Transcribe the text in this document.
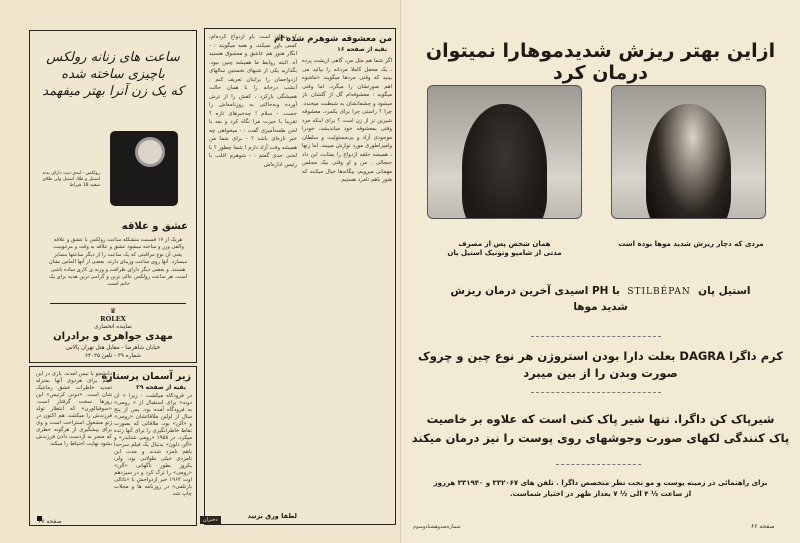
ساعت های زنانه رولکس
باچیزی ساخته شده
که یک زن آنرا بهتر میفهمد
رولکس - لیدی دیت دارای بدنه استیل و طلا، استیل ولی طلای سفید 18 قیراط
عشق و علاقه
هریک از ۱۷ قسمت متشکله ساعت رولکس با عشق و علاقه والفی ورز و ساخته میشود عشق و علاقه به وقت و مرغوبیت. یعنی آن نوع مراقبتی که یک ساعت را از دیگر ساعتها متمایز میسازد. آنها روی ساعت وزیبای دارند. بعضی از آنها الماس نشان هستند. و بعضی دیگر دارای ظرافت و وزنه ی کاری ساده باشی است. هر ساعت رولکس عالی ترین و گرامی ترین هدیه برای یک خانم است.
♛
ROLEX
نماینده انحصاری
مهدی جواهری و برادران
خیابان شاهرضا - مقابل هتل تهران پالاس
شماره ۳۹ - تلفن ۶۴۰۲۵
زیر آسمان پرستاره
بقیه از صفحه ۲۹
در فرودگاه میگشت : زیرا « آن دونه» برای استقبال از « رومی» به فرودگاه آمده بود. پس از پنج سال از اولین ملاقاتشان «رومی» و «آلن» بود، ملاقاتی که بصورت نقاط خاطرانگیزی را برای آنها زنده میکرد. در ۱۹۵۸ «رومی شنایدر» و «آلن دلون» بدنبال یک فیلم سرحدا باهم نامزد شدند و مدت این نامزدی خیلی طولانی بود، ولی یکروز بطور ناگهانی «آلن» «رومی» را ترک کرد و در سیزدهم اوت ۱۹۶۴ خبر ازدواجش با «ناتالی بارتلمی» در روزنامه ها و مجلات چاپ شد.
دانشجو با نیس آمدند، بازی در این فیلم برای هردوی آنها بمنزله تجدید خاطرات عشق رمانتیک شان است. «دونی کرتیس» این روزها سخت گرفتار است. «سوفیالورن» که انتظار تولد فرزندش را میکشد، هم اکنون در ژنو مشغول استراحت است و وی برای پیشگیری از هرگونه خطری که منجر به ازدست دادن فرزندش بشود نهایت احتیاط را میکند.
من معشوقه شوهرم شده ام
بقیه از صفحه ۱۶
اگر شما هم مثل من، گاهی ازیشت پرده ، یک محفل کاملا مردانه را بپائید می بینید که وقتی مردها میگویند «ماشوه اهم صورتشان را میگرد، اما وقتی میگوید : معشوقه‌ام گل از گلشان باز میشود و چشمانشان به شیطنت میخندد. چرا ؟ راستی چرا برای یکمرد، معشوقه شیرین تر از زن است ؟ برای اینکه مرد وقتی بمعشوقه خود میاندیشد، خودرا موجودی آزاد و بی‌مسئولیت و سلطان وامپراطوری مورد نوازش میبیند. اما زنها ، همیشه حلقه ازدواج را بمثابت این داد جنجالی . من و او وقتی بیک مجلس مهمانی میرویم، بیگانه‌ها خیال میکنند که هنوز باهم نامزد هستیم.
که دهیان است باو ازدواج کرده‌ام، کسی باور نمیکند، و همه میگویند : - انگار هنوز هم عاشق و معشوق هستید آه. البته روابط ما همیشه چنین نبود. بگذارید یکی از شبهای نخستین سالهای ازدواجمان را برایتان تعریف کنم : آنشب درخانه را با همان حالت همیشگی بازکرد ، کفش را از ترش آورده وبه‌حالتی به روزنامه‌اش را جست. - سلام ! چه‌خبرهای تازه ؟ تقریبا با حیرت مرا نگاه کرد و بعد با لحن طعنه‌آمیزی گفت : - میخواهی چه خبر تازه‌ای باشد ؟ - برای شما من همیشه وقت آزاد دارم ! شما چطور ؟ با لحنی جدی گفتم : - شوهرم اغلب با رئیس اداره‌اش
لطفا ورق بزنید
صفحه ۶۷	دختران
ازاین بهتر ریزش شدیدموهارا نمیتوان درمان کرد
همان شخص پس از مصرف
مدتی از شامپو وتونیک استیل پان
مردی که دچار ریزش شدید موها بوده است
استیل پان  STILBÉPAN  با PH اسیدی آخرین درمان ریزش
شدید موها
کرم داگرا DAGRA بعلت دارا بودن استروژن هر نوع چین و چروک
صورت وبدن را از بین میبرد
شیرپاک کن داگرا. تنها شیر پاک کنی است که علاوه بر خاصیت
پاک کنندگی لکهای صورت وجوشهای روی پوست را نیز درمان میکند
برای راهنمائی در زمینه پوست و مو تحت نظر متخصص داگرا . تلفن های ۳۳۲۰۶۷ و ۳۳۱۹۴۰ هرروز
از ساعت ½ ۴ الی ½ ۷ بعداز ظهر در اختیار شماست.
شماره‌صدوهشتادوسوم	صفحه ۶۶
